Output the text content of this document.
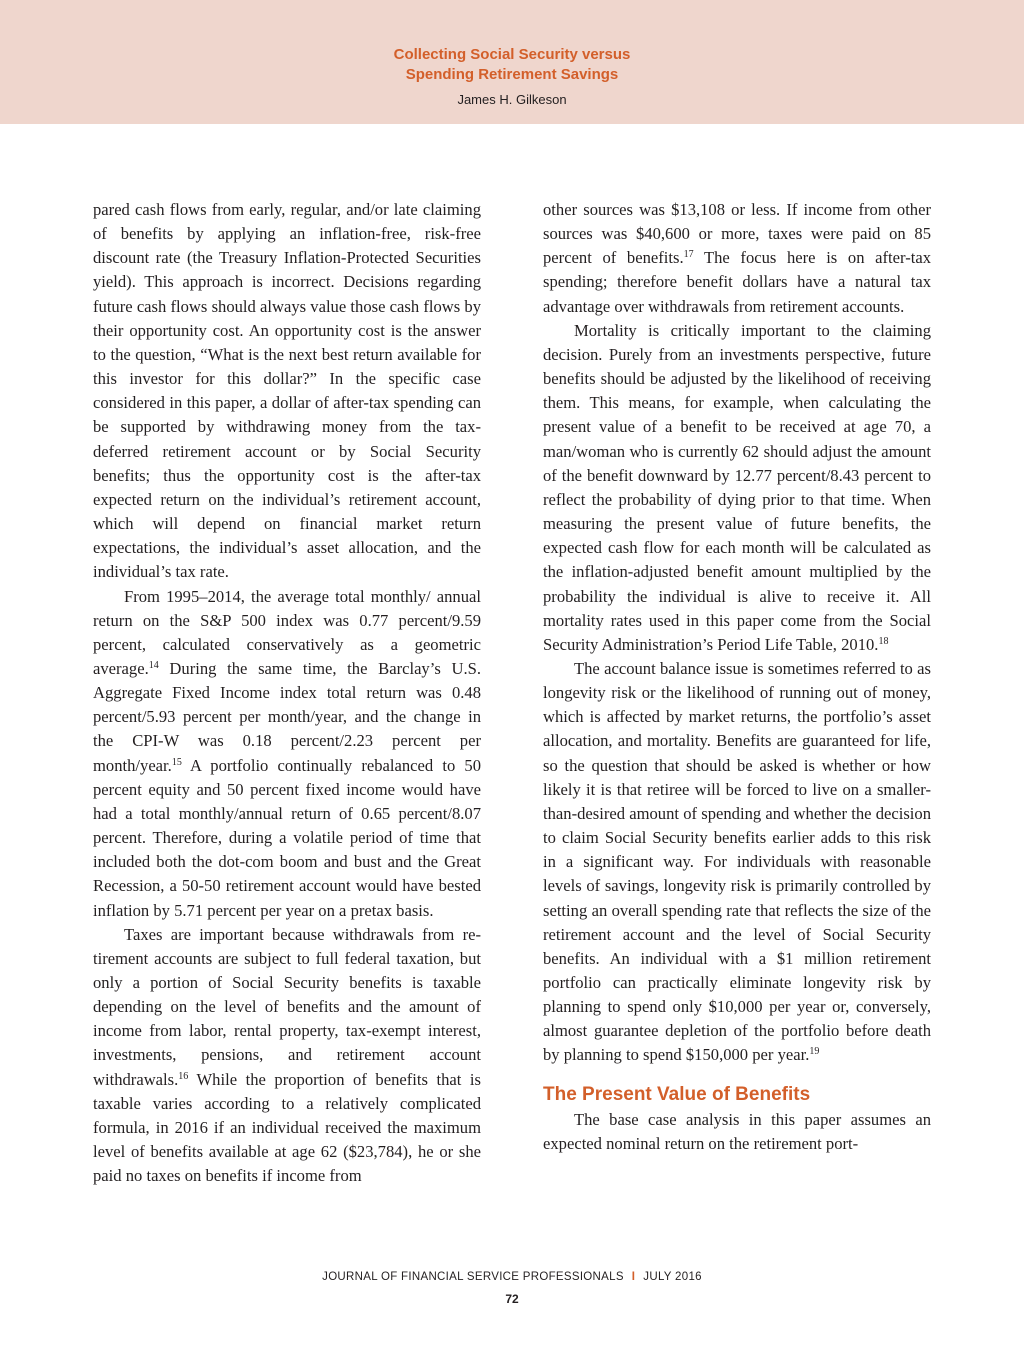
Collecting Social Security versus
Spending Retirement Savings
James H. Gilkeson

pared cash flows from early, regular, and/or late claiming of benefits by applying an inflation-free, risk-free discount rate (the Treasury Inflation-Protected Securities yield). This approach is incorrect. Decisions regarding future cash flows should always value those cash flows by their opportunity cost. An opportunity cost is the answer to the question, “What is the next best return available for this investor for this dollar?” In the specific case considered in this paper, a dollar of after-tax spending can be supported by withdrawing money from the tax-deferred retirement account or by Social Security benefits; thus the opportunity cost is the after-tax expected return on the individual’s retirement account, which will depend on financial market return expectations, the individual’s asset allocation, and the individual’s tax rate.

From 1995–2014, the average total monthly/ annual return on the S&P 500 index was 0.77 percent/9.59 percent, calculated conservatively as a geometric average.$^{14}$ During the same time, the Barclay’s U.S. Aggregate Fixed Income index total return was 0.48 percent/5.93 percent per month/year, and the change in the CPI-W was 0.18 percent/2.23 percent per month/year.$^{15}$ A portfolio continually rebalanced to 50 percent equity and 50 percent fixed income would have had a total monthly/annual return of 0.65 percent/8.07 percent. Therefore, during a volatile period of time that included both the dot-com boom and bust and the Great Recession, a 50-50 retirement account would have bested inflation by 5.71 percent per year on a pretax basis.

Taxes are important because withdrawals from retirement accounts are subject to full federal taxation, but only a portion of Social Security benefits is taxable depending on the level of benefits and the amount of income from labor, rental property, tax-exempt interest, investments, pensions, and retirement account withdrawals.$^{16}$ While the proportion of benefits that is taxable varies according to a relatively complicated formula, in 2016 if an individual received the maximum level of benefits available at age 62 ($23,784), he or she paid no taxes on benefits if income from

other sources was $13,108 or less. If income from other sources was $40,600 or more, taxes were paid on 85 percent of benefits.$^{17}$ The focus here is on after-tax spending; therefore benefit dollars have a natural tax advantage over withdrawals from retirement accounts.

Mortality is critically important to the claiming decision. Purely from an investments perspective, future benefits should be adjusted by the likelihood of receiving them. This means, for example, when calculating the present value of a benefit to be received at age 70, a man/woman who is currently 62 should adjust the amount of the benefit downward by 12.77 percent/8.43 percent to reflect the probability of dying prior to that time. When measuring the present value of future benefits, the expected cash flow for each month will be calculated as the inflation-adjusted benefit amount multiplied by the probability the individual is alive to receive it. All mortality rates used in this paper come from the Social Security Administration’s Period Life Table, 2010.18

The account balance issue is sometimes referred to as longevity risk or the likelihood of running out of money, which is affected by market returns, the portfolio’s asset allocation, and mortality. Benefits are guaranteed for life, so the question that should be asked is whether or how likely it is that retiree will be forced to live on a smaller-than-desired amount of spending and whether the decision to claim Social Security benefits earlier adds to this risk in a significant way. For individuals with reasonable levels of savings, longevity risk is primarily controlled by setting an overall spending rate that reflects the size of the retirement account and the level of Social Security benefits. An individual with a $1 million retirement portfolio can practically eliminate longevity risk by planning to spend only $10,000 per year or, conversely, almost guarantee depletion of the portfolio before death by planning to spend $150,000 per year.$^{19}$

The Present Value of Benefits

The base case analysis in this paper assumes an expected nominal return on the retirement port-

JOURNAL OF FINANCIAL SERVICE PROFESSIONALS I JULY 2016
72
